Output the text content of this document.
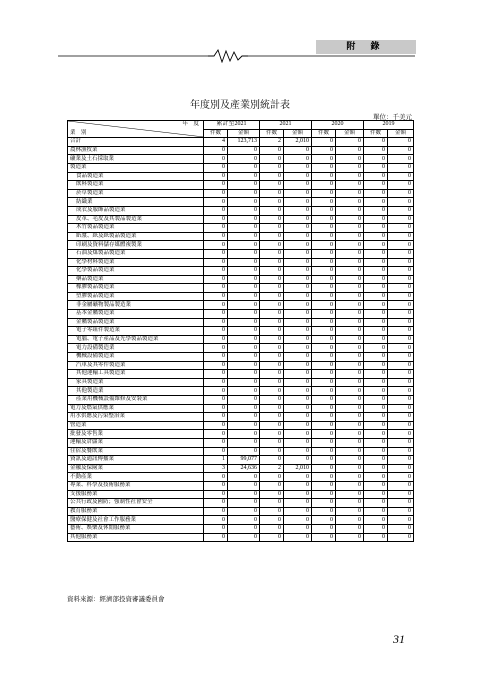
附 錄
年度別及產業別統計表
單位：千美元
年　度
業　別	累計至2021		2021		2020		2019	
	件數	金額	件數	金額	件數	金額	件數	金額
合計	4	123,713	2	2,010	0	0	0	0
農林漁牧業	0	0	0	0	0	0	0	0
礦業及土石採取業	0	0	0	0	0	0	0	0
製造業	0	0	0	0	0	0	0	0
食品製造業	0	0	0	0	0	0	0	0
飲料製造業	0	0	0	0	0	0	0	0
菸草製造業	0	0	0	0	0	0	0	0
紡織業	0	0	0	0	0	0	0	0
成衣及服飾品製造業	0	0	0	0	0	0	0	0
皮革、毛皮及其製品製造業	0	0	0	0	0	0	0	0
木竹製品製造業	0	0	0	0	0	0	0	0
紙漿、紙及紙製品製造業	0	0	0	0	0	0	0	0
印刷及資料儲存媒體複製業	0	0	0	0	0	0	0	0
石油及煤製品製造業	0	0	0	0	0	0	0	0
化學材料製造業	0	0	0	0	0	0	0	0
化學製品製造業	0	0	0	0	0	0	0	0
藥品製造業	0	0	0	0	0	0	0	0
橡膠製品製造業	0	0	0	0	0	0	0	0
塑膠製品製造業	0	0	0	0	0	0	0	0
非金屬礦物製品製造業	0	0	0	0	0	0	0	0
基本金屬製造業	0	0	0	0	0	0	0	0
金屬製品製造業	0	0	0	0	0	0	0	0
電子零組件製造業	0	0	0	0	0	0	0	0
電腦、電子產品及光學製品製造業	0	0	0	0	0	0	0	0
電力設備製造業	0	0	0	0	0	0	0	0
機械設備製造業	0	0	0	0	0	0	0	0
汽車及其零件製造業	0	0	0	0	0	0	0	0
其他運輸工具製造業	0	0	0	0	0	0	0	0
家具製造業	0	0	0	0	0	0	0	0
其他製造業	0	0	0	0	0	0	0	0
產業用機械設備維修及安裝業	0	0	0	0	0	0	0	0
電力及燃氣供應業	0	0	0	0	0	0	0	0
用水供應及污染整治業	0	0	0	0	0	0	0	0
營造業	0	0	0	0	0	0	0	0
批發及零售業	0	0	0	0	0	0	0	0
運輸及倉儲業	0	0	0	0	0	0	0	0
住宿及餐飲業	0	0	0	0	0	0	0	0
資訊及通訊傳播業	1	99,077	0	0	0	0	0	0
金融及保險業	3	24,636	2	2,010	0	0	0	0
不動產業	0	0	0	0	0	0	0	0
專業、科學及技術服務業	0	0	0	0	0	0	0	0
支援服務業	0	0	0	0	0	0	0	0
公共行政及國防；強制性社會安全	0	0	0	0	0	0	0	0
教育服務業	0	0	0	0	0	0	0	0
醫療保健及社會工作服務業	0	0	0	0	0	0	0	0
藝術、娛樂及休閒服務業	0	0	0	0	0	0	0	0
其他服務業	0	0	0	0	0	0	0	0
資料來源：經濟部投資審議委員會
31
